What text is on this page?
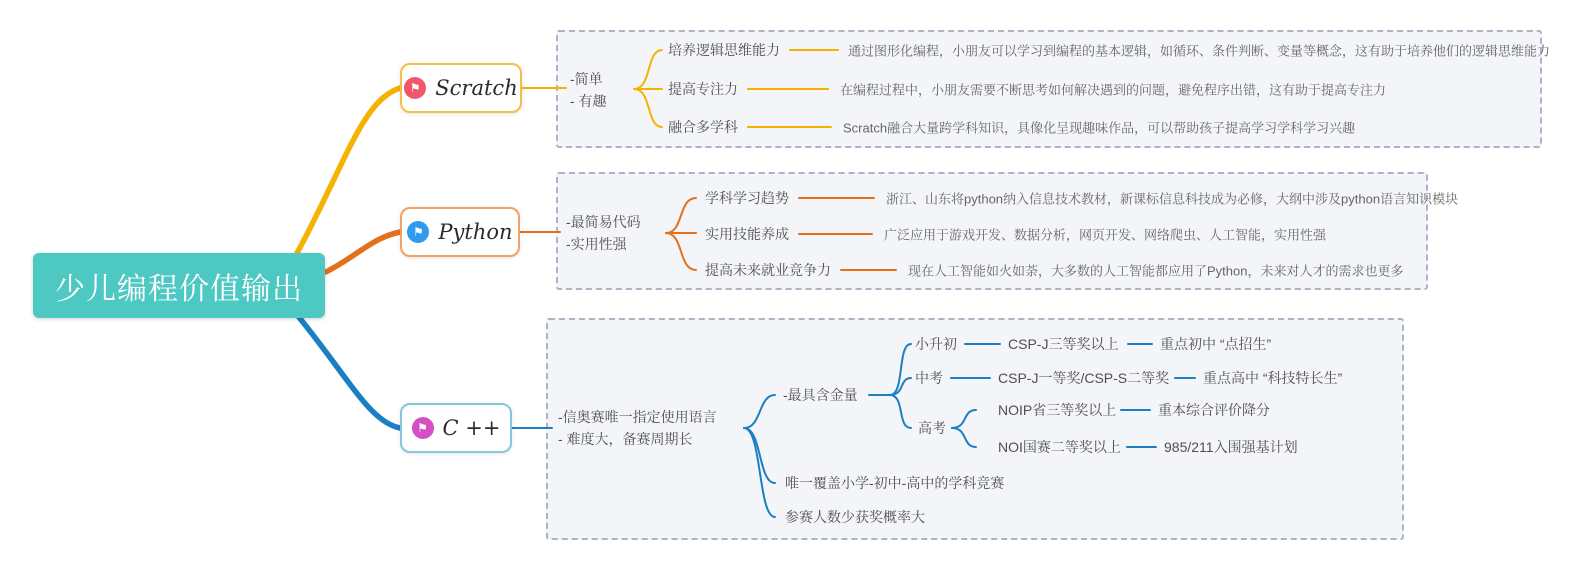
少儿编程价值输出
⚑ Scratch
⚑ Python
⚑ C ++
-简单
- 有趣
培养逻辑思维能力	通过图形化编程，小朋友可以学习到编程的基本逻辑，如循环、条件判断、变量等概念，这有助于培养他们的逻辑思维能力
提高专注力	在编程过程中，小朋友需要不断思考如何解决遇到的问题，避免程序出错，这有助于提高专注力
融合多学科	Scratch融合大量跨学科知识，具像化呈现趣味作品，可以帮助孩子提高学习学科学习兴趣
-最简易代码
-实用性强
学科学习趋势	浙江、山东将python纳入信息技术教材，新课标信息科技成为必修，大纲中涉及python语言知识模块
实用技能养成	广泛应用于游戏开发、数据分析，网页开发、网络爬虫、人工智能，实用性强
提高未来就业竞争力	现在人工智能如火如荼，大多数的人工智能都应用了Python，未来对人才的需求也更多
-信奥赛唯一指定使用语言
- 难度大，备赛周期长
-最具含金量
小升初	CSP-J三等奖以上	重点初中 “点招生”
中考	CSP-J一等奖/CSP-S二等奖 重点高中 “科技特长生”
高考
NOIP省三等奖以上	重本综合评价降分
NOI国赛二等奖以上	985/211入围强基计划
唯一覆盖小学-初中-高中的学科竞赛
参赛人数少获奖概率大
